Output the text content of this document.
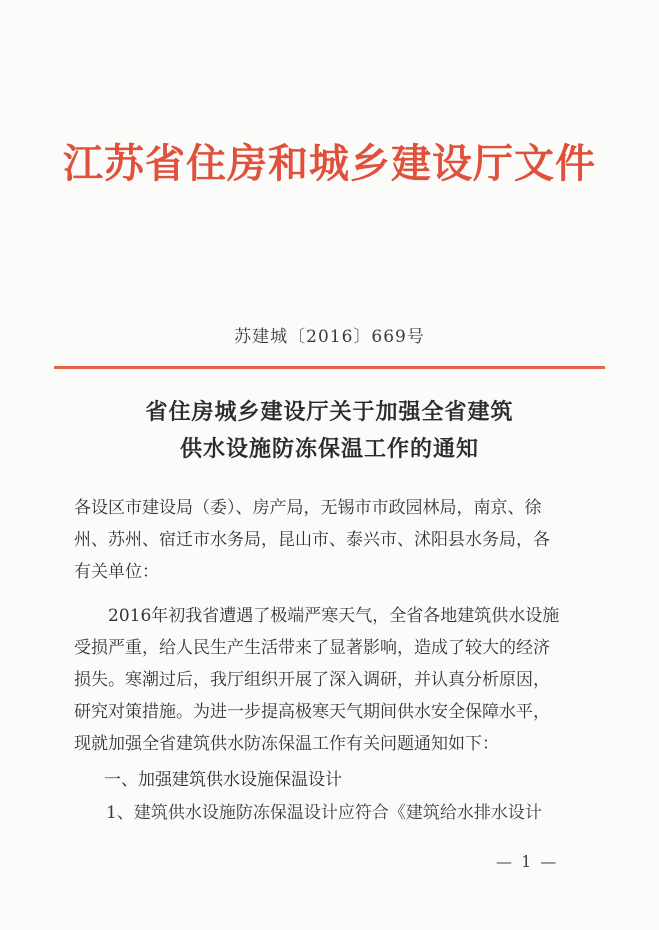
江苏省住房和城乡建设厅文件
苏建城〔2016〕669号
省住房城乡建设厅关于加强全省建筑
供水设施防冻保温工作的通知
各设区市建设局（委）、房产局，无锡市市政园林局，南京、徐
州、苏州、宿迁市水务局，昆山市、泰兴市、沭阳县水务局，各
有关单位：
　　2016年初我省遭遇了极端严寒天气，全省各地建筑供水设施
受损严重，给人民生产生活带来了显著影响，造成了较大的经济
损失。寒潮过后，我厅组织开展了深入调研，并认真分析原因，
研究对策措施。为进一步提高极寒天气期间供水安全保障水平，
现就加强全省建筑供水防冻保温工作有关问题通知如下：
一、加强建筑供水设施保温设计
1、建筑供水设施防冻保温设计应符合《建筑给水排水设计
— 1 —
